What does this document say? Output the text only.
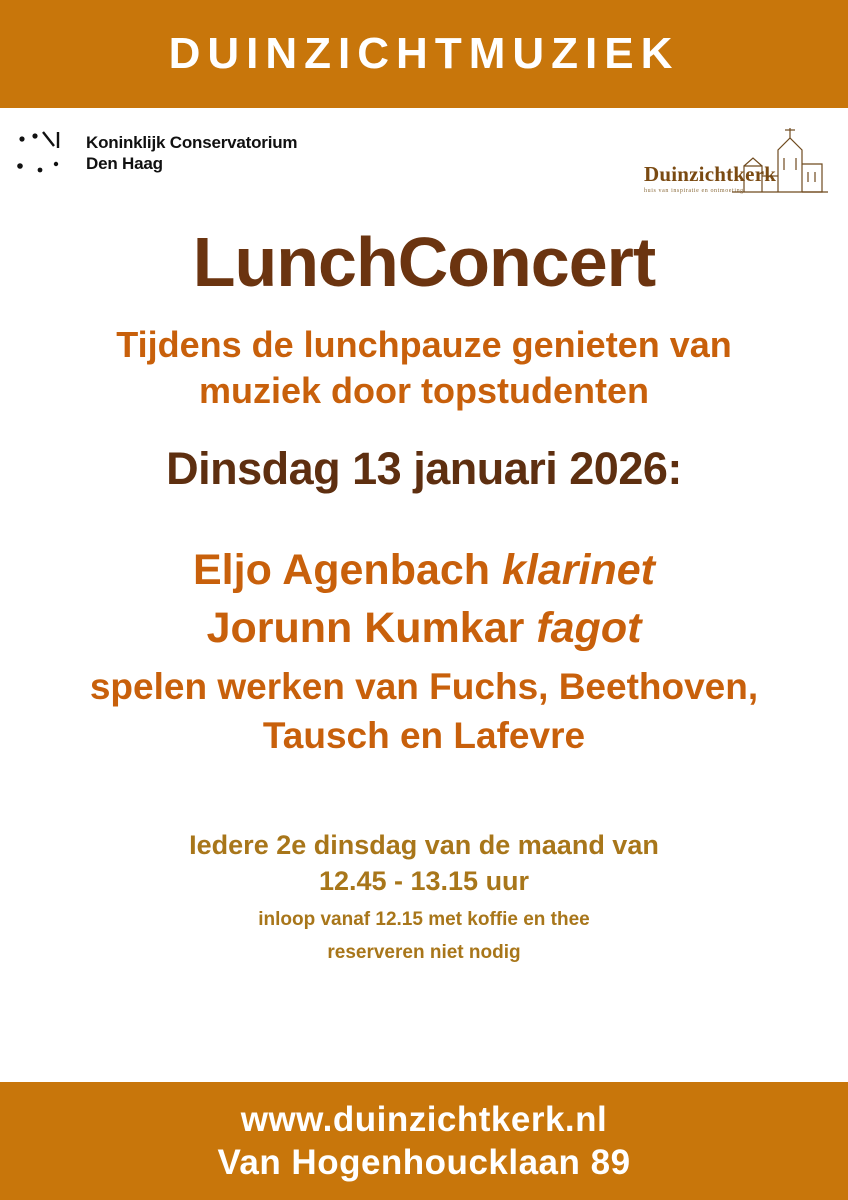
DUINZICHTMUZIEK
Koninklijk Conservatorium
Den Haag	Duinzichtkerk
huis van inspiratie en ontmoeting
LunchConcert
Tijdens de lunchpauze genieten van muziek door topstudenten
Dinsdag 13 januari 2026:
Eljo Agenbach klarinet
Jorunn Kumkar fagot
spelen werken van Fuchs, Beethoven, Tausch en Lafevre
Iedere 2e dinsdag van de maand van
12.45 - 13.15 uur
inloop vanaf 12.15 met koffie en thee
reserveren niet nodig
www.duinzichtkerk.nl
Van Hogenhoucklaan 89
